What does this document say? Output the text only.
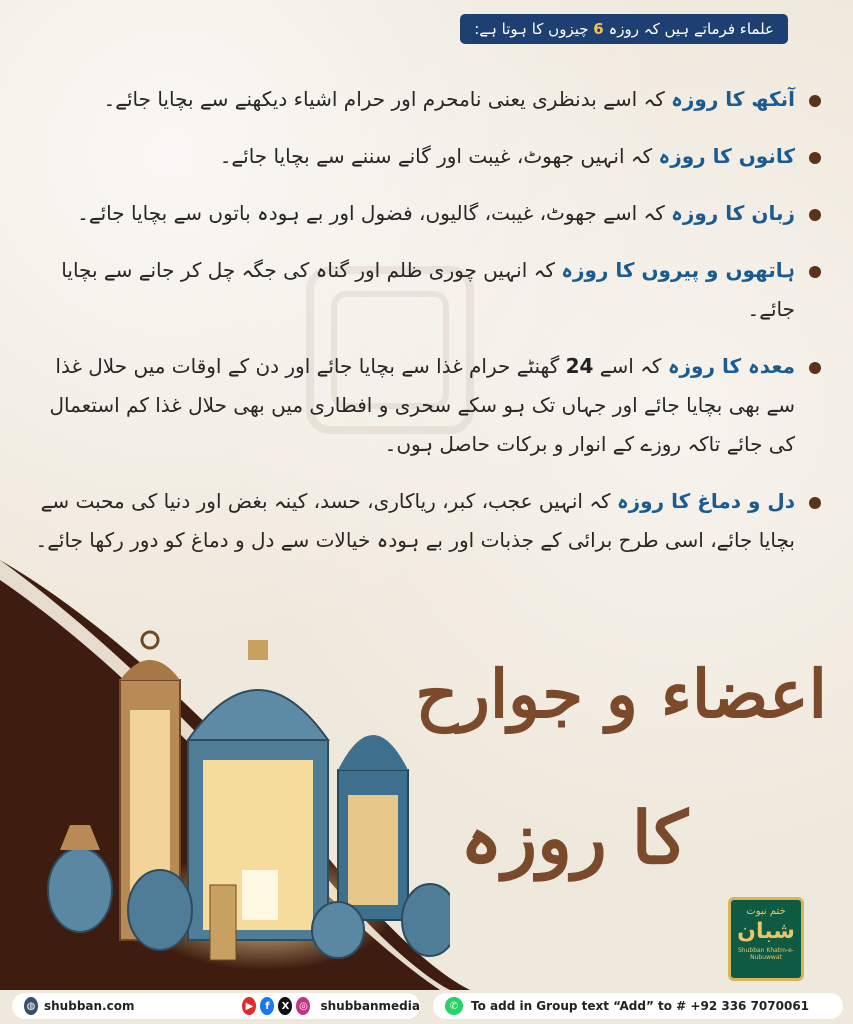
علماء فرماتے ہیں کہ روزہ 6 چیزوں کا ہوتا ہے:
آنکھ کا روزہ کہ اسے بدنظری یعنی نامحرم اور حرام اشیاء دیکھنے سے بچایا جائے۔
کانوں کا روزہ کہ انہیں جھوٹ، غیبت اور گانے سننے سے بچایا جائے۔
زبان کا روزہ کہ اسے جھوٹ، غیبت، گالیوں، فضول اور بے ہودہ باتوں سے بچایا جائے۔
ہاتھوں و پیروں کا روزہ کہ انہیں چوری ظلم اور گناہ کی جگہ چل کر جانے سے بچایا جائے۔
معدہ کا روزہ کہ اسے 24 گھنٹے حرام غذا سے بچایا جائے اور دن کے اوقات میں حلال غذا سے بھی بچایا جائے اور جہاں تک ہو سکے سحری و افطاری میں بھی حلال غذا کم استعمال کی جائے تاکہ روزے کے انوار و برکات حاصل ہوں۔
دل و دماغ کا روزہ کہ انہیں عجب، کبر، ریاکاری، حسد، کینہ بغض اور دنیا کی محبت سے بچایا جائے، اسی طرح برائی کے جذبات اور بے ہودہ خیالات سے دل و دماغ کو دور رکھا جائے۔
اعضاء و جوارح
کا روزہ
ختم نبوت
شبان
Shubban Khatm-e-Nubuwwat
◍ shubban.com	▶	f	X ◎ shubbanmedia	✆	To add in Group text “Add” to # +92 336 7070061
